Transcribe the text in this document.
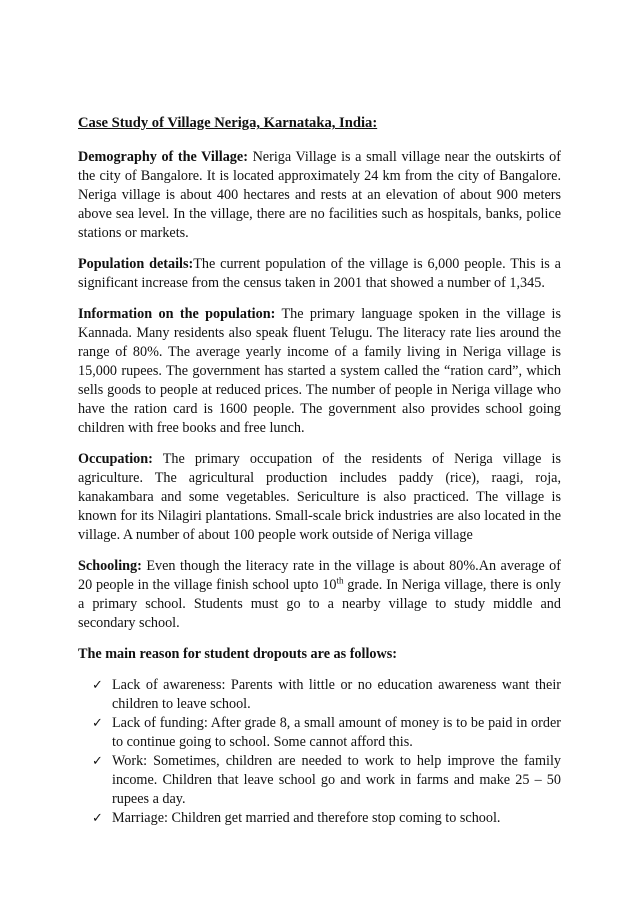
Case Study of Village Neriga, Karnataka, India:

Demography of the Village: Neriga Village is a small village near the outskirts of the city of Bangalore. It is located approximately 24 km from the city of Bangalore. Neriga village is about 400 hectares and rests at an elevation of about 900 meters above sea level. In the village, there are no facilities such as hospitals, banks, police stations or markets.

Population details:The current population of the village is 6,000 people. This is a significant increase from the census taken in 2001 that showed a number of 1,345.

Information on the population: The primary language spoken in the village is Kannada. Many residents also speak fluent Telugu. The literacy rate lies around the range of 80%. The average yearly income of a family living in Neriga village is 15,000 rupees. The government has started a system called the “ration card”, which sells goods to people at reduced prices. The number of people in Neriga village who have the ration card is 1600 people. The government also provides school going children with free books and free lunch.

Occupation: The primary occupation of the residents of Neriga village is agriculture. The agricultural production includes paddy (rice), raagi, roja, kanakambara and some vegetables. Sericulture is also practiced. The village is known for its Nilagiri plantations. Small-scale brick industries are also located in the village. A number of about 100 people work outside of Neriga village

Schooling: Even though the literacy rate in the village is about 80%.An average of 20 people in the village finish school upto 10th grade. In Neriga village, there is only a primary school. Students must go to a nearby village to study middle and secondary school.

The main reason for student dropouts are as follows:
✓ Lack of awareness: Parents with little or no education awareness want their children to leave school.
✓ Lack of funding: After grade 8, a small amount of money is to be paid in order to continue going to school. Some cannot afford this.
✓ Work: Sometimes, children are needed to work to help improve the family income. Children that leave school go and work in farms and make 25 – 50 rupees a day.
✓ Marriage: Children get married and therefore stop coming to school.
